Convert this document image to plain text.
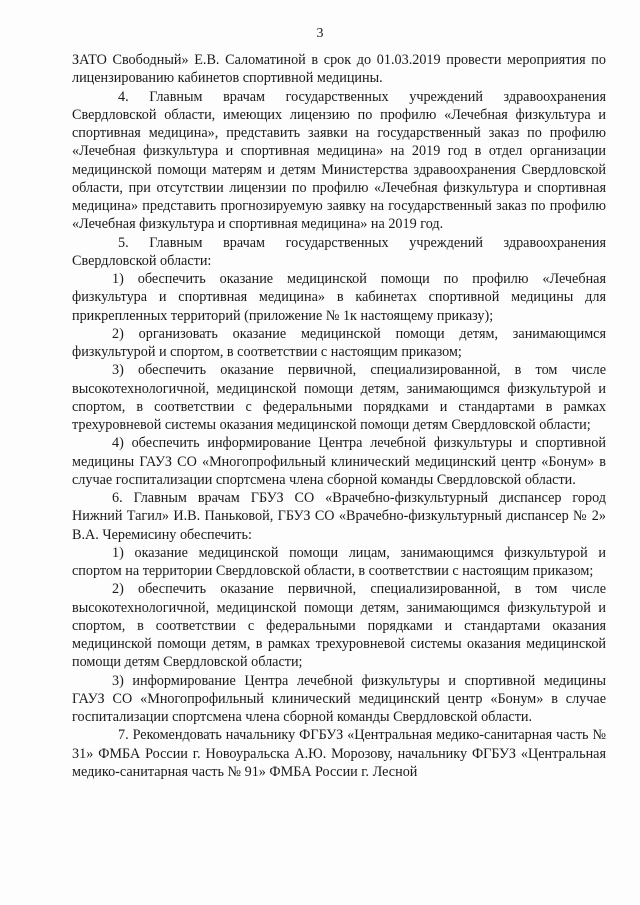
3

ЗАТО Свободный» Е.В. Саломатиной в срок до 01.03.2019 провести мероприятия по лицензированию кабинетов спортивной медицины.

4. Главным врачам государственных учреждений здравоохранения Свердловской области, имеющих лицензию по профилю «Лечебная физкультура и спортивная медицина», представить заявки на государственный заказ по профилю «Лечебная физкультура и спортивная медицина» на 2019 год в отдел организации медицинской помощи матерям и детям Министерства здравоохранения Свердловской области, при отсутствии лицензии по профилю «Лечебная физкультура и спортивная медицина» представить прогнозируемую заявку на государственный заказ по профилю «Лечебная физкультура и спортивная медицина» на 2019 год.

5. Главным врачам государственных учреждений здравоохранения Свердловской области:

1) обеспечить оказание медицинской помощи по профилю «Лечебная физкультура и спортивная медицина» в кабинетах спортивной медицины для прикрепленных территорий (приложение № 1к настоящему приказу);

2) организовать оказание медицинской помощи детям, занимающимся физкультурой и спортом, в соответствии с настоящим приказом;

3) обеспечить оказание первичной, специализированной, в том числе высокотехнологичной, медицинской помощи детям, занимающимся физкультурой и спортом, в соответствии с федеральными порядками и стандартами в рамках трехуровневой системы оказания медицинской помощи детям Свердловской области;

4) обеспечить информирование Центра лечебной физкультуры и спортивной медицины ГАУЗ СО «Многопрофильный клинический медицинский центр «Бонум» в случае госпитализации спортсмена члена сборной команды Свердловской области.

6. Главным врачам ГБУЗ СО «Врачебно-физкультурный диспансер город Нижний Тагил» И.В. Паньковой, ГБУЗ СО «Врачебно-физкультурный диспансер № 2» В.А. Черемисину обеспечить:

1) оказание медицинской помощи лицам, занимающимся физкультурой и спортом на территории Свердловской области, в соответствии с настоящим приказом;

2) обеспечить оказание первичной, специализированной, в том числе высокотехнологичной, медицинской помощи детям, занимающимся физкультурой и спортом, в соответствии с федеральными порядками и стандартами оказания медицинской помощи детям, в рамках трехуровневой системы оказания медицинской помощи детям Свердловской области;

3) информирование Центра лечебной физкультуры и спортивной медицины ГАУЗ СО «Многопрофильный клинический медицинский центр «Бонум» в случае госпитализации спортсмена члена сборной команды Свердловской области.

7. Рекомендовать начальнику ФГБУЗ «Центральная медико-санитарная часть № 31» ФМБА России г. Новоуральска А.Ю. Морозову, начальнику ФГБУЗ «Центральная медико-санитарная часть № 91» ФМБА России г. Лесной
